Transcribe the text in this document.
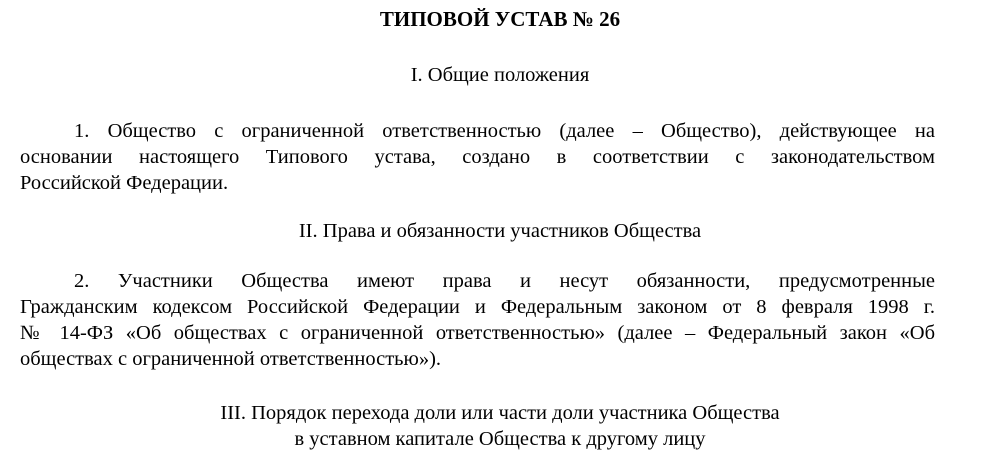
ТИПОВОЙ УСТАВ № 26
I. Общие положения
1. Общество с ограниченной ответственностью (далее – Общество), действующее на
основании настоящего Типового устава, создано в соответствии с законодательством
Российской Федерации.
II. Права и обязанности участников Общества
2. Участники Общества имеют права и несут обязанности, предусмотренные
Гражданским кодексом Российской Федерации и Федеральным законом от 8 февраля 1998 г.
№ 14-ФЗ «Об обществах с ограниченной ответственностью» (далее – Федеральный закон «Об
обществах с ограниченной ответственностью»).
III. Порядок перехода доли или части доли участника Общества
в уставном капитале Общества к другому лицу
